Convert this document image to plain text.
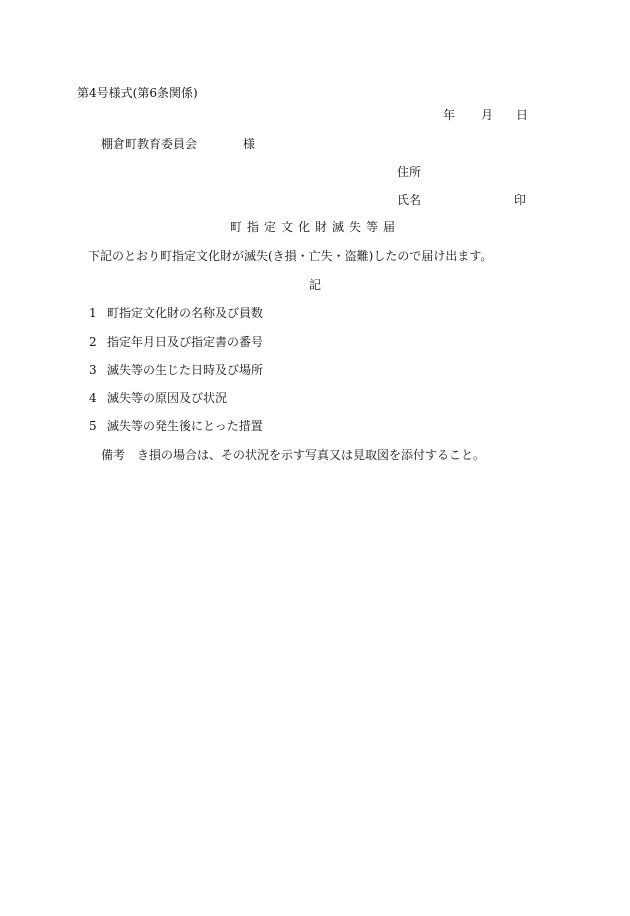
第4号様式(第6条関係)
年 月 日
棚倉町教育委員会	様
住所
氏名	印
町指定文化財滅失等届
下記のとおり町指定文化財が滅失(き損・亡失・盗難)したので届け出ます。
記
1 町指定文化財の名称及び員数
2 指定年月日及び指定書の番号
3 滅失等の生じた日時及び場所
4 滅失等の原因及び状況
5 滅失等の発生後にとった措置
備考 き損の場合は、その状況を示す写真又は見取図を添付すること。
